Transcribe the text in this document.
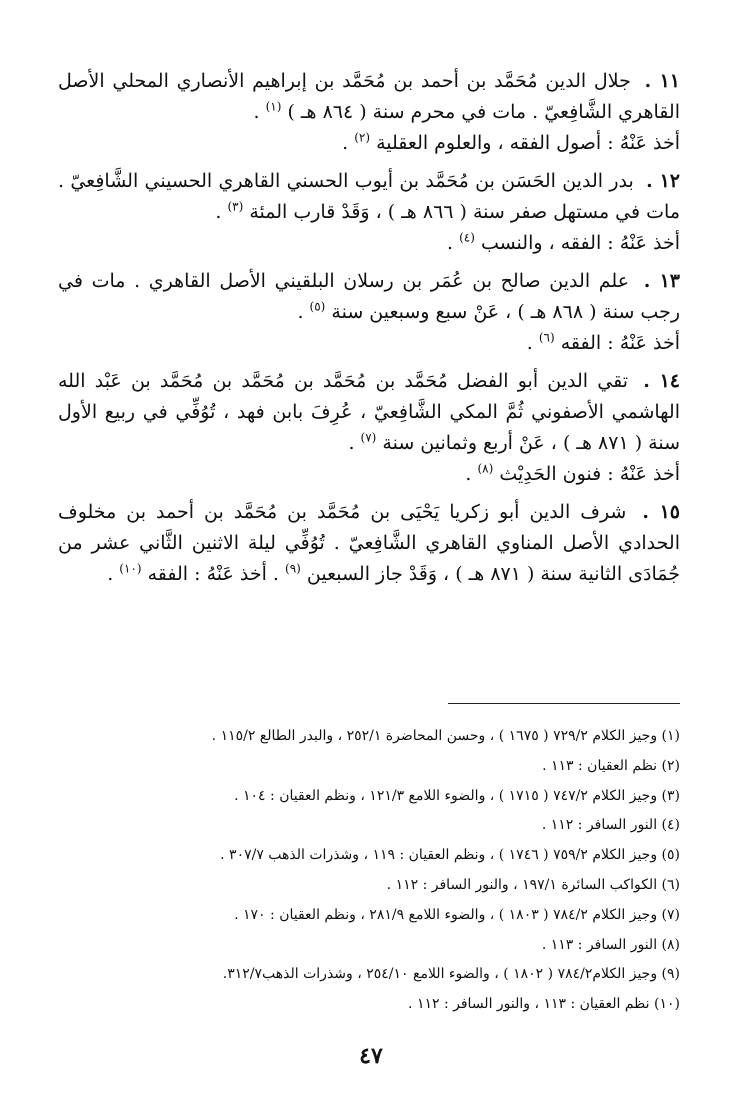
١١ . جلال الدين مُحَمَّد بن أحمد بن مُحَمَّد بن إبراهيم الأنصاري المحلي الأصل القاهري الشَّافِعيّ . مات في محرم سنة ( ٨٦٤ هـ ) $^{(١)}$ .

أخذ عَنْهُ : أصول الفقه ، والعلوم العقلية $^{(٢)}$ .

١٢ . بدر الدين الحَسَن بن مُحَمَّد بن أيوب الحسني القاهري الحسيني الشَّافِعيّ . مات في مستهل صفر سنة ( ٨٦٦ هـ ) ، وَقَدْ قارب المئة $^{(٣)}$ .

أخذ عَنْهُ : الفقه ، والنسب $^{(٤)}$ .

١٣ . علم الدين صالح بن عُمَر بن رسلان البلقيني الأصل القاهري . مات في رجب سنة ( ٨٦٨ هـ ) ، عَنْ سبع وسبعين سنة $^{(٥)}$ .

أخذ عَنْهُ : الفقه $^{(٦)}$ .

١٤ . تقي الدين أبو الفضل مُحَمَّد بن مُحَمَّد بن مُحَمَّد بن مُحَمَّد بن عَبْد الله الهاشمي الأصفوني ثُمَّ المكي الشَّافِعيّ ، عُرِفَ بابن فهد ، تُوُفِّي في ربيع الأول سنة ( ٨٧١ هـ ) ، عَنْ أربع وثمانين سنة $^{(٧)}$ .

أخذ عَنْهُ : فنون الحَدِيْث $^{(٨)}$ .

١٥ . شرف الدين أبو زكريا يَحْيَى بن مُحَمَّد بن مُحَمَّد بن أحمد بن مخلوف الحدادي الأصل المناوي القاهري الشَّافِعيّ . تُوُفِّي ليلة الاثنين الثَّاني عشر من جُمَادَى الثانية سنة ( ٨٧١ هـ ) ، وَقَدْ جاز السبعين $^{(٩)}$ . أخذ عَنْهُ : الفقه $^{(١٠)}$ .

(١) وجيز الكلام ٧٢٩/٢ ( ١٦٧٥ ) ، وحسن المحاضرة ٢٥٢/١ ، والبدر الطالع ١١٥/٢ .

(٢) نظم العقيان : ١١٣ .

(٣) وجيز الكلام ٧٤٧/٢ ( ١٧١٥ ) ، والضوء اللامع ١٢١/٣ ، ونظم العقيان : ١٠٤ .

(٤) النور السافر : ١١٢ .

(٥) وجيز الكلام ٧٥٩/٢ ( ١٧٤٦ ) ، ونظم العقيان : ١١٩ ، وشذرات الذهب ٣٠٧/٧ .

(٦) الكواكب السائرة ١٩٧/١ ، والنور السافر : ١١٢ .

(٧) وجيز الكلام ٧٨٤/٢ ( ١٨٠٣ ) ، والضوء اللامع ٢٨١/٩ ، ونظم العقيان : ١٧٠ .

(٨) النور السافر : ١١٣ .

(٩) وجيز الكلام٧٨٤/٢ ( ١٨٠٢ ) ، والضوء اللامع ٢٥٤/١٠ ، وشذرات الذهب٣١٢/٧.

(١٠) نظم العقيان : ١١٣ ، والنور السافر : ١١٢ .

٤٧
